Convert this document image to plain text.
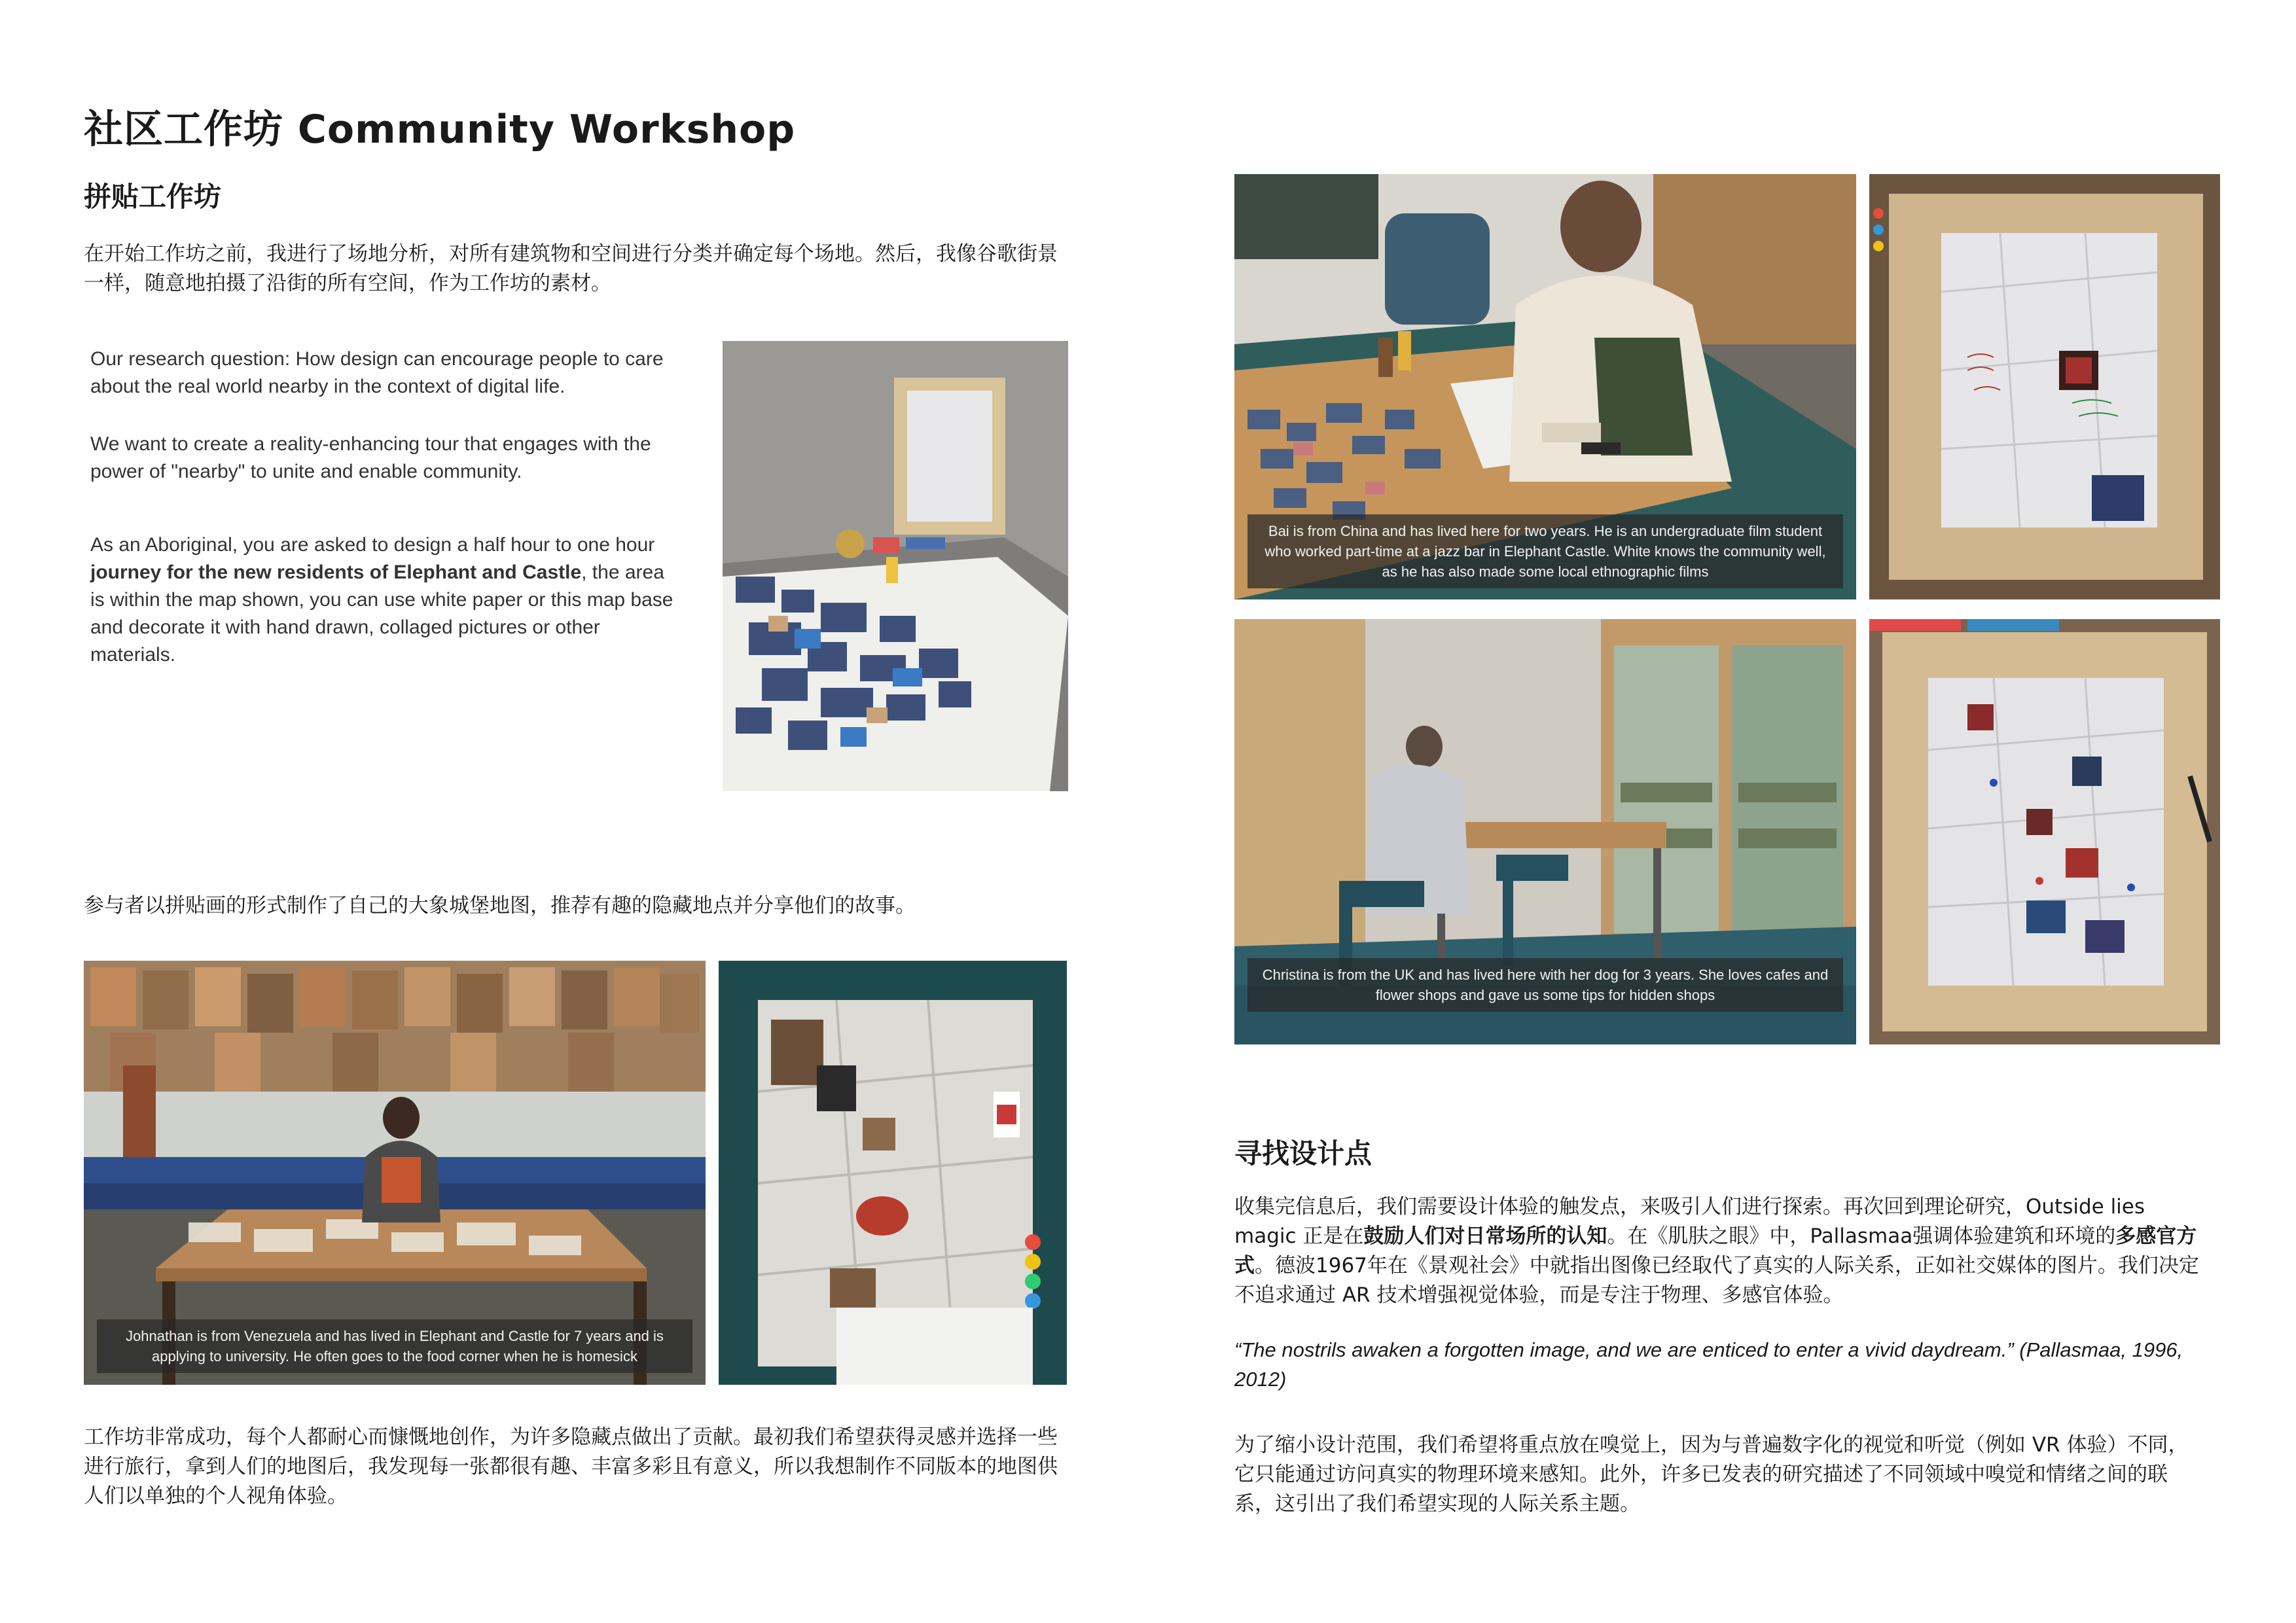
社区工作坊 Community Workshop
拼贴工作坊
在开始工作坊之前，我进行了场地分析，对所有建筑物和空间进行分类并确定每个场地。然后，我像谷歌街景一样，随意地拍摄了沿街的所有空间，作为工作坊的素材。
Our research question: How design can encourage people to care about the real world nearby in the context of digital life.
We want to create a reality-enhancing tour that engages with the power of "nearby" to unite and enable community.
As an Aboriginal, you are asked to design a half hour to one hour journey for the new residents of Elephant and Castle, the area is within the map shown, you can use white paper or this map base and decorate it with hand drawn, collaged pictures or other materials.
参与者以拼贴画的形式制作了自己的大象城堡地图，推荐有趣的隐藏地点并分享他们的故事。
Johnathan is from Venezuela and has lived in Elephant and Castle for 7 years and is applying to university. He often goes to the food corner when he is homesick
工作坊非常成功，每个人都耐心而慷慨地创作，为许多隐藏点做出了贡献。最初我们希望获得灵感并选择一些进行旅行，拿到人们的地图后，我发现每一张都很有趣、丰富多彩且有意义，所以我想制作不同版本的地图供人们以单独的个人视角体验。
Bai is from China and has lived here for two years. He is an undergraduate film student who worked part-time at a jazz bar in Elephant Castle. White knows the community well, as he has also made some local ethnographic films
Christina is from the UK and has lived here with her dog for 3 years. She loves cafes and flower shops and gave us some tips for hidden shops
寻找设计点
收集完信息后，我们需要设计体验的触发点，来吸引人们进行探索。再次回到理论研究，Outside lies magic 正是在鼓励人们对日常场所的认知。在《肌肤之眼》中，Pallasmaa强调体验建筑和环境的多感官方式。德波1967年在《景观社会》中就指出图像已经取代了真实的人际关系，正如社交媒体的图片。我们决定不追求通过 AR 技术增强视觉体验，而是专注于物理、多感官体验。
“The nostrils awaken a forgotten image, and we are enticed to enter a vivid daydream.” (Pallasmaa, 1996, 2012)
为了缩小设计范围，我们希望将重点放在嗅觉上，因为与普遍数字化的视觉和听觉（例如 VR 体验）不同，它只能通过访问真实的物理环境来感知。此外，许多已发表的研究描述了不同领域中嗅觉和情绪之间的联系，这引出了我们希望实现的人际关系主题。
